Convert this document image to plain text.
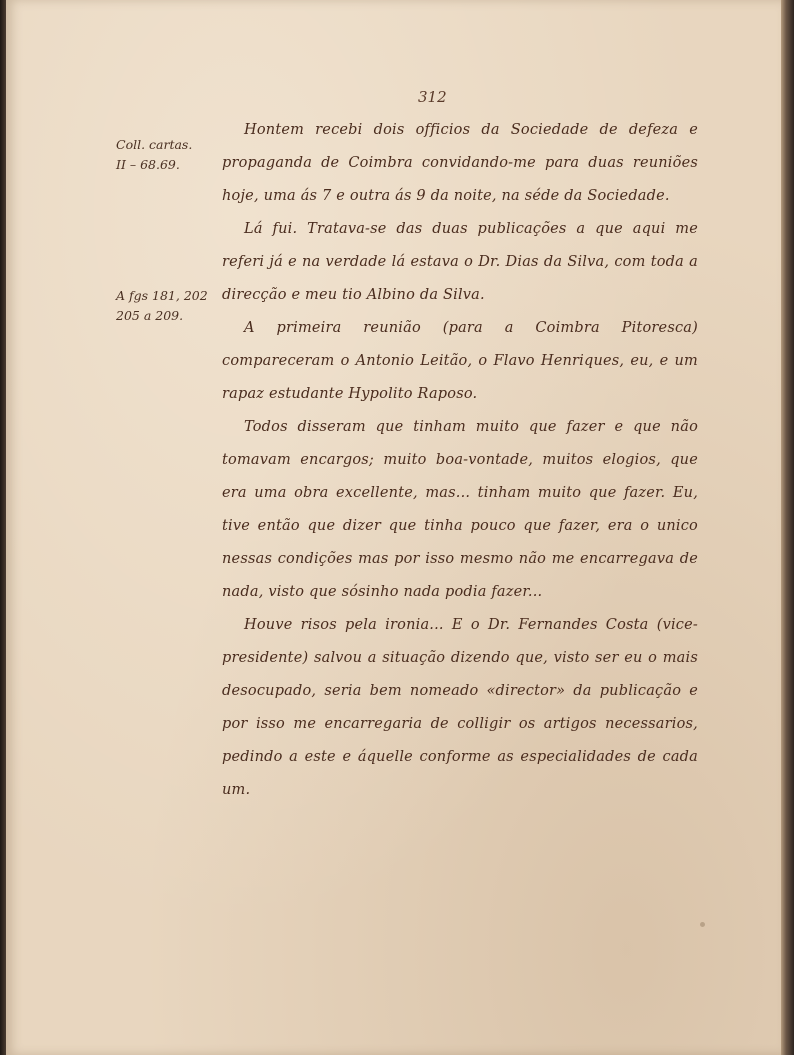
312
Coll. cartas.
II – 68.69.
A fgs 181, 202
205 a 209.

Hontem recebi dois officios da Sociedade de defeza e propaganda de Coimbra convidando-me para duas reuniões hoje, uma ás 7 e outra ás 9 da noite, na séde da Sociedade.

Lá fui. Tratava-se das duas publicações a que aqui me referi já e na verdade lá estava o Dr. Dias da Silva, com toda a direcção e meu tio Albino da Silva.

A primeira reunião (para a Coimbra Pitoresca) compareceram o Antonio Leitão, o Flavo Henriques, eu, e um rapaz estudante Hypolito Raposo.

Todos disseram que tinham muito que fazer e que não tomavam encargos; muito boa-vontade, muitos elogios, que era uma obra excellente, mas... tinham muito que fazer. Eu, tive então que dizer que tinha pouco que fazer, era o unico nessas condições mas por isso mesmo não me encarregava de nada, visto que sósinho nada podia fazer...

Houve risos pela ironia... E o Dr. Fernandes Costa (vice-presidente) salvou a situação dizendo que, visto ser eu o mais desocupado, seria bem nomeado «director» da publicação e por isso me encarregaria de colligir os artigos necessarios, pedindo a este e áquelle conforme as especialidades de cada um.
